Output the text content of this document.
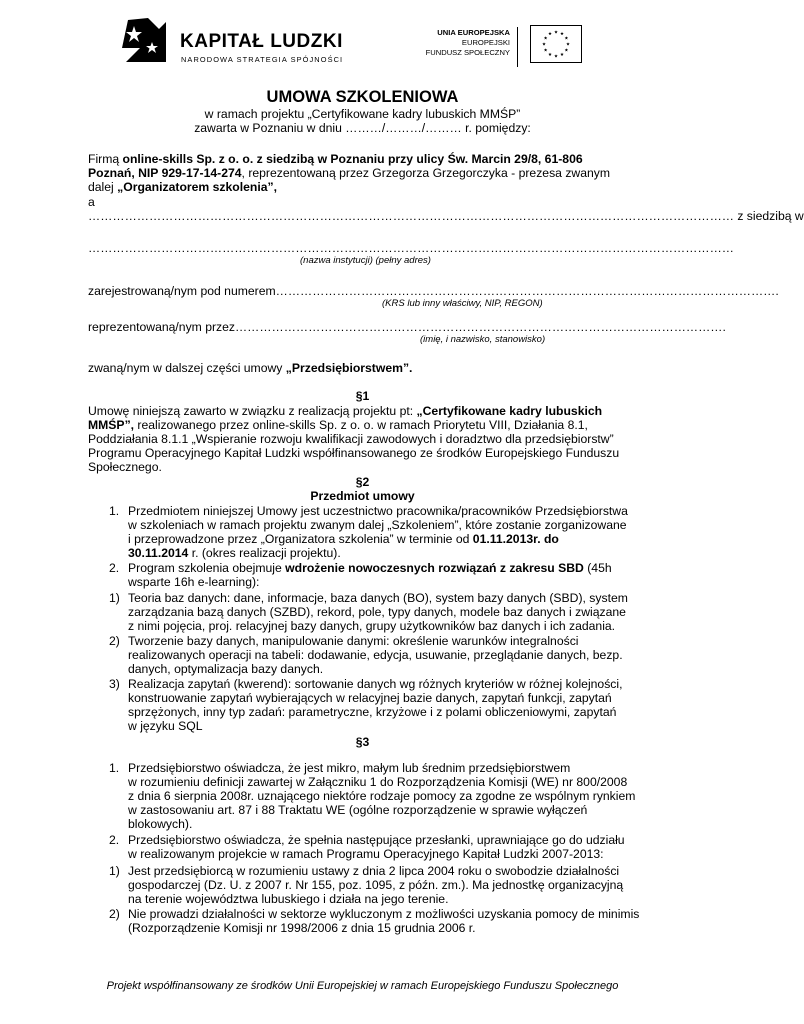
KAPITAŁ LUDZKI
NARODOWA STRATEGIA SPÓJNOŚCI
UNIA EUROPEJSKA
EUROPEJSKI
FUNDUSZ SPOŁECZNY
UMOWA SZKOLENIOWA
w ramach projektu „Certyfikowane kadry lubuskich MMŚP”
zawarta w Poznaniu w dniu ………/………/……… r. pomiędzy:
Firmą online-skills Sp. z o. o. z siedzibą w Poznaniu przy ulicy Św. Marcin 29/8, 61-806
Poznań, NIP 929-17-14-274, reprezentowaną przez Grzegorza Grzegorczyka - prezesa zwanym
dalej „Organizatorem szkolenia”,
a
…………………………………………………………………………………………………………………………………………… z siedzibą w
……………………………………………………………………………………………………………………………………………
(nazwa instytucji) (pełny adres)
zarejestrowaną/nym pod numerem…………………………………………………………………………………………………………….
(KRS lub inny właściwy, NIP, REGON)
reprezentowaną/nym przez………………………………………………………………………………………………………….
(imię, i nazwisko, stanowisko)
zwaną/nym w dalszej części umowy „Przedsiębiorstwem”.
§1
Umowę niniejszą zawarto w związku z realizacją projektu pt: „Certyfikowane kadry lubuskich
MMŚP”, realizowanego przez online-skills Sp. z o. o. w ramach Priorytetu VIII, Działania 8.1,
Poddziałania 8.1.1 „Wspieranie rozwoju kwalifikacji zawodowych i doradztwo dla przedsiębiorstw”
Programu Operacyjnego Kapitał Ludzki współfinansowanego ze środków Europejskiego Funduszu
Społecznego.
§2
Przedmiot umowy
1. Przedmiotem niniejszej Umowy jest uczestnictwo pracownika/pracowników Przedsiębiorstwa
w szkoleniach w ramach projektu zwanym dalej „Szkoleniem”, które zostanie zorganizowane
i przeprowadzone przez „Organizatora szkolenia” w terminie od 01.11.2013r. do
30.11.2014 r. (okres realizacji projektu).
2. Program szkolenia obejmuje wdrożenie nowoczesnych rozwiązań z zakresu SBD (45h
wsparte 16h e-learning):
1) Teoria baz danych: dane, informacje, baza danych (BO), system bazy danych (SBD), system
zarządzania bazą danych (SZBD), rekord, pole, typy danych, modele baz danych i związane
z nimi pojęcia, proj. relacyjnej bazy danych, grupy użytkowników baz danych i ich zadania.
2) Tworzenie bazy danych, manipulowanie danymi: określenie warunków integralności
realizowanych operacji na tabeli: dodawanie, edycja, usuwanie, przeglądanie danych, bezp.
danych, optymalizacja bazy danych.
3) Realizacja zapytań (kwerend): sortowanie danych wg różnych kryteriów w różnej kolejności,
konstruowanie zapytań wybierających w relacyjnej bazie danych, zapytań funkcji, zapytań
sprzężonych, inny typ zadań: parametryczne, krzyżowe i z polami obliczeniowymi, zapytań
w języku SQL
§3
1. Przedsiębiorstwo oświadcza, że jest mikro, małym lub średnim przedsiębiorstwem
w rozumieniu definicji zawartej w Załączniku 1 do Rozporządzenia Komisji (WE) nr 800/2008
z dnia 6 sierpnia 2008r. uznającego niektóre rodzaje pomocy za zgodne ze wspólnym rynkiem
w zastosowaniu art. 87 i 88 Traktatu WE (ogólne rozporządzenie w sprawie wyłączeń
blokowych).
2. Przedsiębiorstwo oświadcza, że spełnia następujące przesłanki, uprawniające go do udziału
w realizowanym projekcie w ramach Programu Operacyjnego Kapitał Ludzki 2007-2013:
1) Jest przedsiębiorcą w rozumieniu ustawy z dnia 2 lipca 2004 roku o swobodzie działalności
gospodarczej (Dz. U. z 2007 r. Nr 155, poz. 1095, z późn. zm.). Ma jednostkę organizacyjną
na terenie województwa lubuskiego i działa na jego terenie.
2) Nie prowadzi działalności w sektorze wykluczonym z możliwości uzyskania pomocy de minimis
(Rozporządzenie Komisji nr 1998/2006 z dnia 15 grudnia 2006 r.
Projekt współfinansowany ze środków Unii Europejskiej w ramach Europejskiego Funduszu Społecznego
